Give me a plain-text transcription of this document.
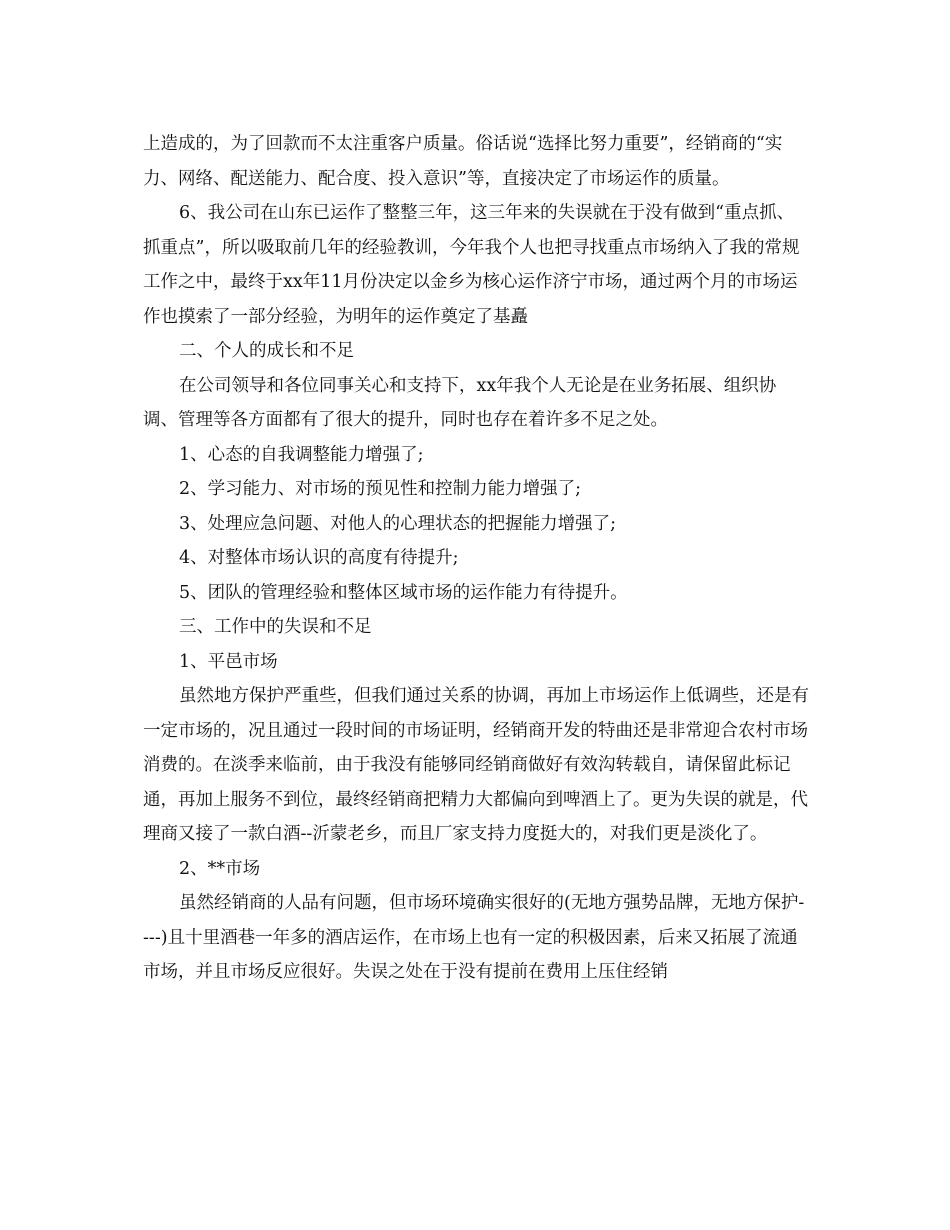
上造成的，为了回款而不太注重客户质量。俗话说“选择比努力重要”，经销商的“实力、网络、配送能力、配合度、投入意识”等，直接决定了市场运作的质量。

6、我公司在山东已运作了整整三年，这三年来的失误就在于没有做到“重点抓、抓重点”，所以吸取前几年的经验教训，今年我个人也把寻找重点市场纳入了我的常规工作之中，最终于xx年11月份决定以金乡为核心运作济宁市场，通过两个月的市场运作也摸索了一部分经验，为明年的运作奠定了基矗

二、个人的成长和不足

在公司领导和各位同事关心和支持下，xx年我个人无论是在业务拓展、组织协调、管理等各方面都有了很大的提升，同时也存在着许多不足之处。

1、心态的自我调整能力增强了;

2、学习能力、对市场的预见性和控制力能力增强了;

3、处理应急问题、对他人的心理状态的把握能力增强了;

4、对整体市场认识的高度有待提升;

5、团队的管理经验和整体区域市场的运作能力有待提升。

三、工作中的失误和不足

1、平邑市场

虽然地方保护严重些，但我们通过关系的协调，再加上市场运作上低调些，还是有一定市场的，况且通过一段时间的市场证明，经销商开发的特曲还是非常迎合农村市场消费的。在淡季来临前，由于我没有能够同经销商做好有效沟转载自，请保留此标记通，再加上服务不到位，最终经销商把精力大都偏向到啤酒上了。更为失误的就是，代理商又接了一款白酒--沂蒙老乡，而且厂家支持力度挺大的，对我们更是淡化了。

2、**市场

虽然经销商的人品有问题，但市场环境确实很好的(无地方强势品牌，无地方保护----)且十里酒巷一年多的酒店运作，在市场上也有一定的积极因素，后来又拓展了流通市场，并且市场反应很好。失误之处在于没有提前在费用上压住经销
